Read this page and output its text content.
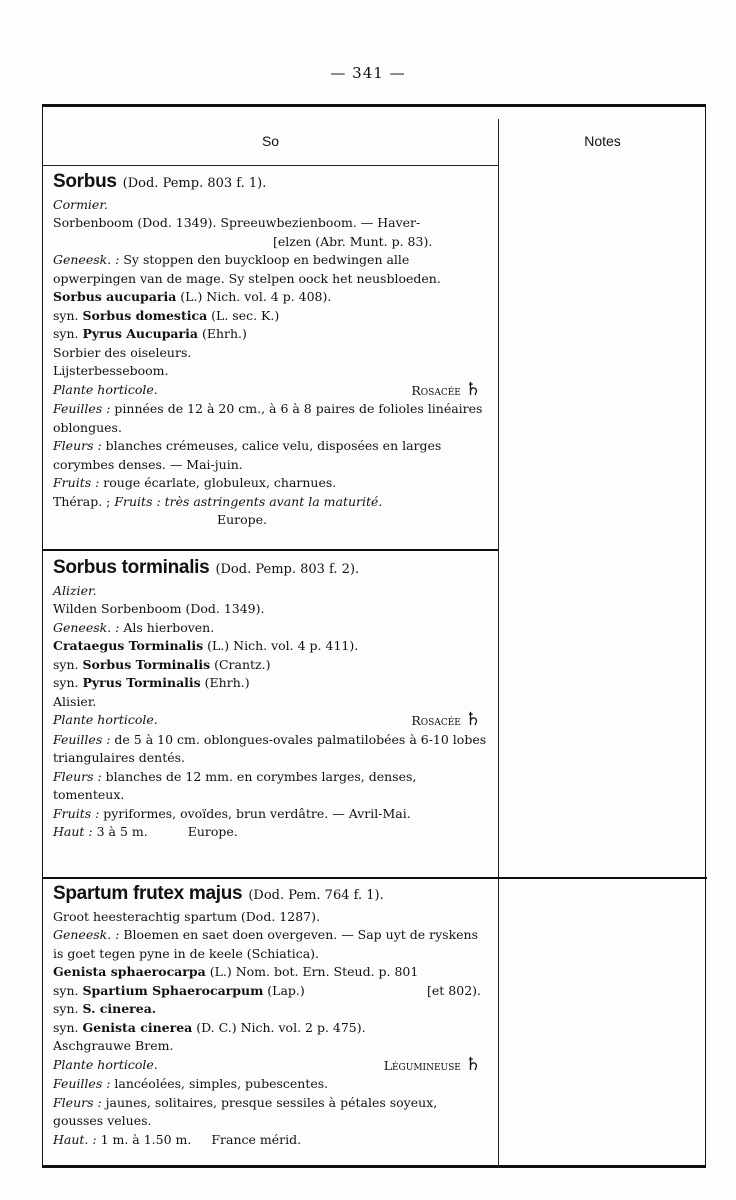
— 341 —
So	Notes

Sorbus (Dod. Pemp. 803 f. 1).

Cormier.

Sorbenboom (Dod. 1349). Spreeuwbezienboom. — Haver-

[elzen (Abr. Munt. p. 83).

Geneesk. : Sy stoppen den buyckloop en bedwingen alle opwerpingen van de mage. Sy stelpen oock het neusbloeden.

Sorbus aucuparia (L.) Nich. vol. 4 p. 408).

syn. Sorbus domestica (L. sec. K.)

syn. Pyrus Aucuparia (Ehrh.)

Sorbier des oiseleurs.

Lijsterbesseboom.

Plante horticole.	Rosacée ♄

Feuilles : pinnées de 12 à 20 cm., à 6 à 8 paires de folioles linéaires oblongues.

Fleurs : blanches crémeuses, calice velu, disposées en larges corymbes denses. — Mai-juin.

Fruits : rouge écarlate, globuleux, charnues.

Thérap. ; Fruits : très astringents avant la maturité.

Europe.

Sorbus torminalis (Dod. Pemp. 803 f. 2).

Alizier.

Wilden Sorbenboom (Dod. 1349).

Geneesk. : Als hierboven.

Crataegus Torminalis (L.) Nich. vol. 4 p. 411).

syn. Sorbus Torminalis (Crantz.)

syn. Pyrus Torminalis (Ehrh.)

Alisier.

Plante horticole.	Rosacée ♄

Feuilles : de 5 à 10 cm. oblongues-ovales palmatilobées à 6-10 lobes triangulaires dentés.

Fleurs : blanches de 12 mm. en corymbes larges, denses, tomenteux.

Fruits : pyriformes, ovoïdes, brun verdâtre. — Avril-Mai.

Haut : 3 à 5 m.	Europe.

Spartum frutex majus (Dod. Pem. 764 f. 1).

Groot heesterachtig spartum (Dod. 1287).

Geneesk. : Bloemen en saet doen overgeven. — Sap uyt de ryskens is goet tegen pyne in de keele (Schiatica).

Genista sphaerocarpa (L.) Nom. bot. Ern. Steud. p. 801

syn. Spartium Sphaerocarpum (Lap.)	[et 802).

syn. S. cinerea.

syn. Genista cinerea (D. C.) Nich. vol. 2 p. 475).

Aschgrauwe Brem.

Plante horticole.	Légumineuse ♄

Feuilles : lancéolées, simples, pubescentes.

Fleurs : jaunes, solitaires, presque sessiles à pétales soyeux, gousses velues.

Haut. : 1 m. à 1.50 m. France mérid.
